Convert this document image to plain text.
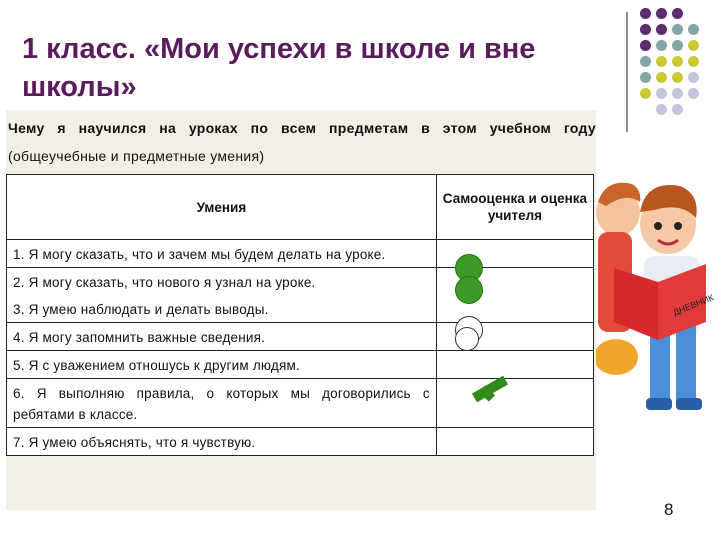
1 класс. «Мои успехи в школе и вне школы»

Чему я научился на уроках по всем предметам в этом учебном году (общеучебные и предметные умения)

Умения	Самооценка и оценка учителя
1. Я могу сказать, что и зачем мы будем делать на уроке.	

2. Я могу сказать, что нового я узнал на уроке.	

3. Я умею наблюдать и делать выводы.	
4. Я могу запомнить важные сведения.	

5. Я с уважением отношусь к другим людям.	
6. Я выполняю правила, о которых мы договорились с ребятами в классе.	
7. Я умею объяснять, что я чувствую.	
ДНЕВНИК
8
